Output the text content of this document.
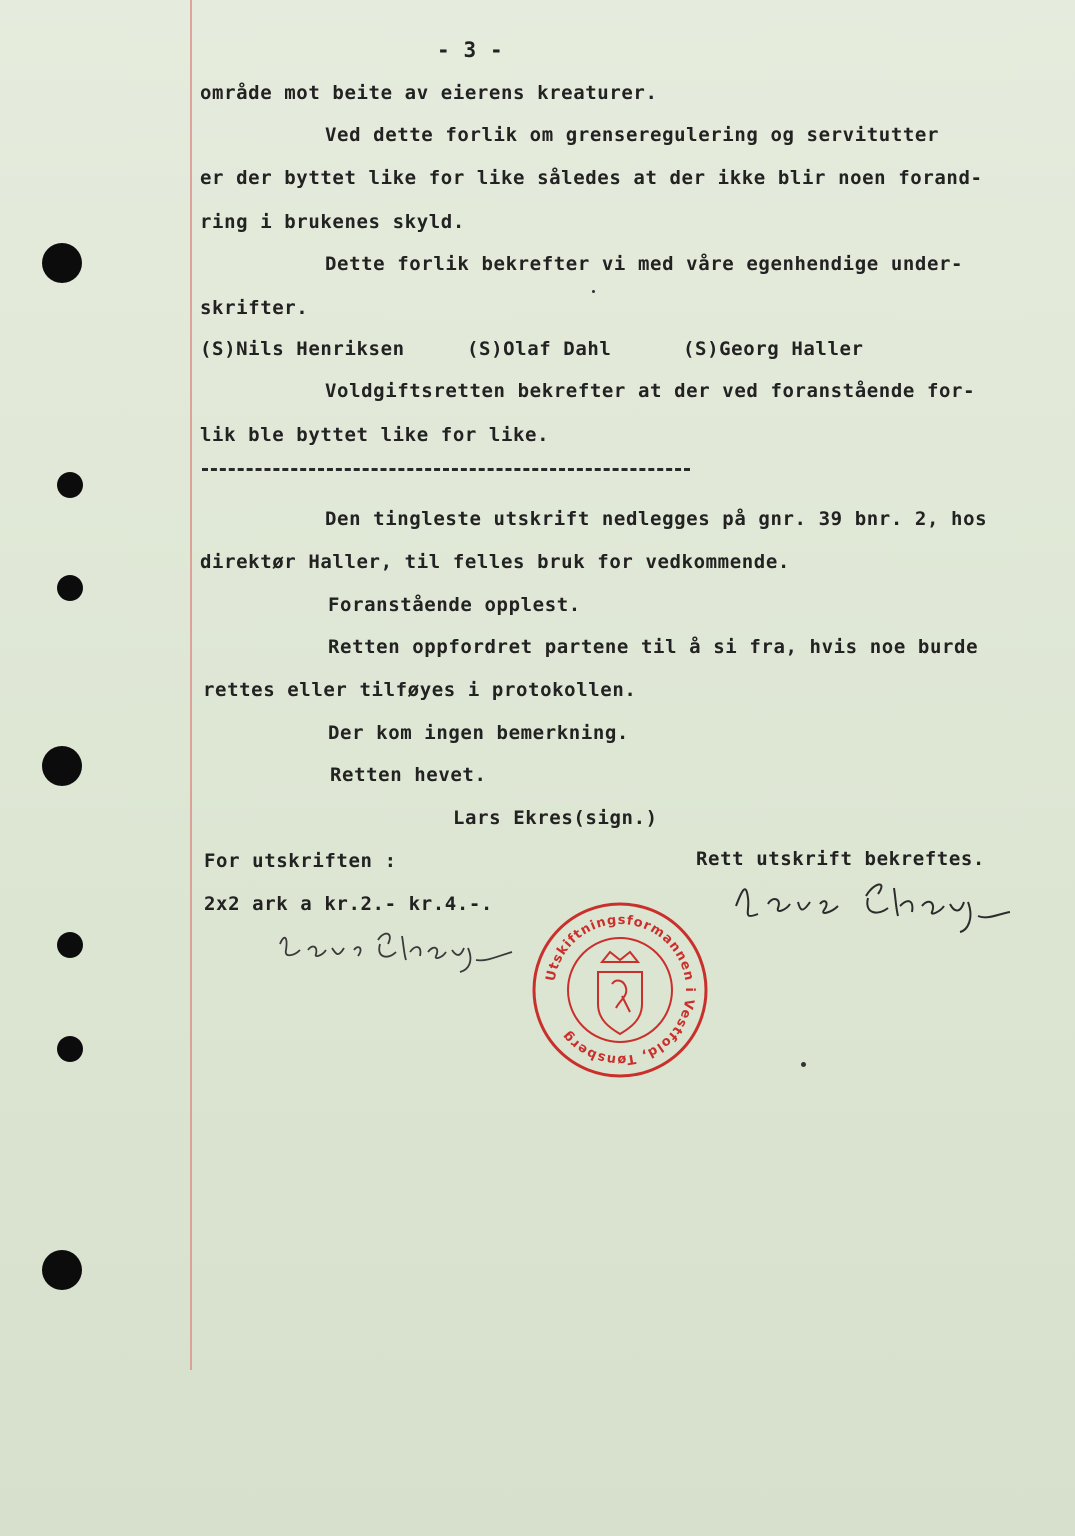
- 3 -
område mot beite av eierens kreaturer.
Ved dette forlik om grenseregulering og servitutter
er der byttet like for like således at der ikke blir noen forand-
ring i brukenes skyld.
Dette forlik bekrefter vi med våre egenhendige under-
skrifter.
(S)Nils Henriksen	(S)Olaf Dahl	(S)Georg Haller
Voldgiftsretten bekrefter at der ved foranstående for-
lik ble byttet like for like.
Den tingleste utskrift nedlegges på gnr. 39 bnr. 2, hos
direktør Haller, til felles bruk for vedkommende.
Foranstående opplest.
Retten oppfordret partene til å si fra, hvis noe burde
rettes eller tilføyes i protokollen.
Der kom ingen bemerkning.
Retten hevet.
Lars Ekres(sign.)
For utskriften :	Rett utskrift bekreftes.
2x2 ark a kr.2.- kr.4.-.
Utskiftningsformannen i Vestfold, Tønsberg
